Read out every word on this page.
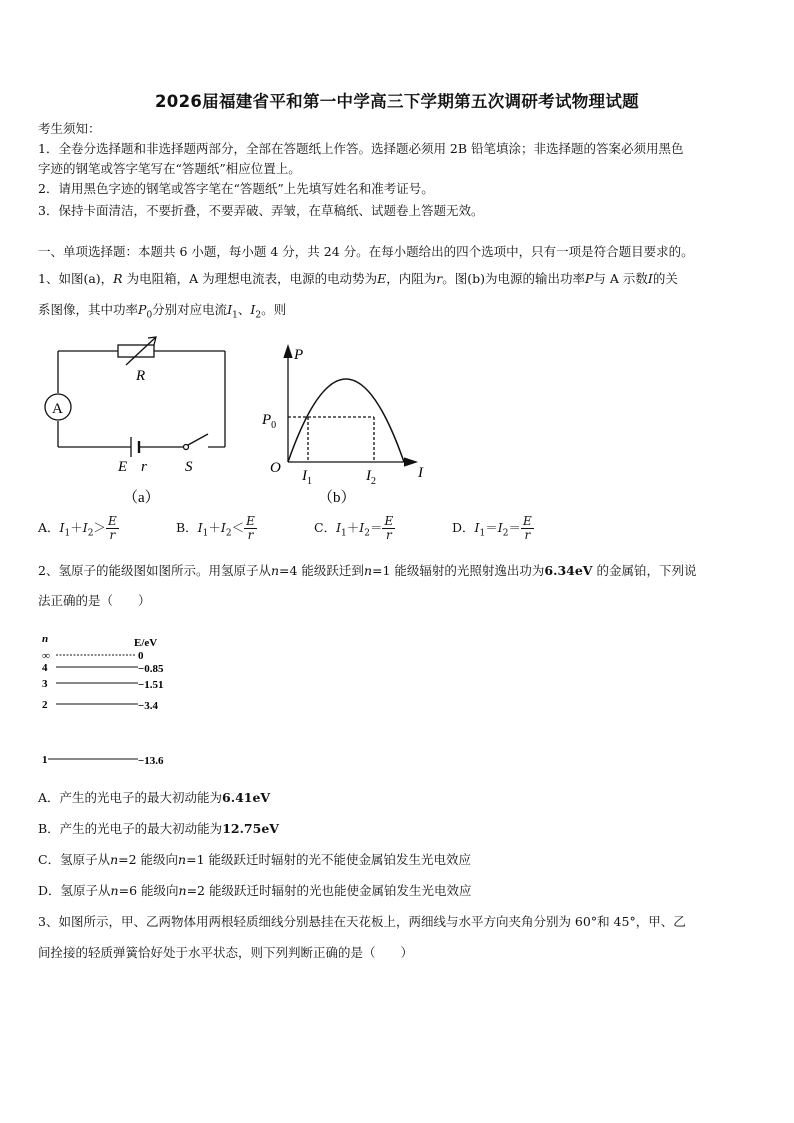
2026届福建省平和第一中学高三下学期第五次调研考试物理试题
考生须知：
1．全卷分选择题和非选择题两部分，全部在答题纸上作答。选择题必须用 2B 铅笔填涂；非选择题的答案必须用黑色
字迹的钢笔或答字笔写在“答题纸”相应位置上。
2．请用黑色字迹的钢笔或答字笔在“答题纸”上先填写姓名和准考证号。
3．保持卡面清洁，不要折叠，不要弄破、弄皱，在草稿纸、试题卷上答题无效。
一、单项选择题：本题共 6 小题，每小题 4 分，共 24 分。在每小题给出的四个选项中，只有一项是符合题目要求的。
1、如图(a)，R 为电阻箱，A 为理想电流表，电源的电动势为E，内阻为r。图(b)为电源的输出功率P与 A 示数I的关
系图像，其中功率$P_0$分别对应电流$I_1$、$I_2$。则
R
A
E r	S
（a）
P
$P_0$
O $I_1$	$I_2$
I
（b）
A．$I_1+I_2> \frac{E}{r}$	B．$I_1+I_2< \frac{E}{r}$	C．$I_1+I_2= \frac{E}{r}$	D．$I_1=I_2= \frac{E}{r}$
2、氢原子的能级图如图所示。用氢原子从n=4 能级跃迁到n=1 能级辐射的光照射逸出功为6.34eV 的金属铂，下列说
法正确的是（　　）
n	E/eV
∞	0
4	−0.85
3	−1.51
2	−3.4
1	−13.6
A．产生的光电子的最大初动能为6.41eV
B．产生的光电子的最大初动能为12.75eV
C．氢原子从n=2 能级向n=1 能级跃迁时辐射的光不能使金属铂发生光电效应
D．氢原子从n=6 能级向n=2 能级跃迁时辐射的光也能使金属铂发生光电效应
3、如图所示，甲、乙两物体用两根轻质细线分别悬挂在天花板上，两细线与水平方向夹角分别为 60°和 45°，甲、乙
间拴接的轻质弹簧恰好处于水平状态，则下列判断正确的是（　　）
